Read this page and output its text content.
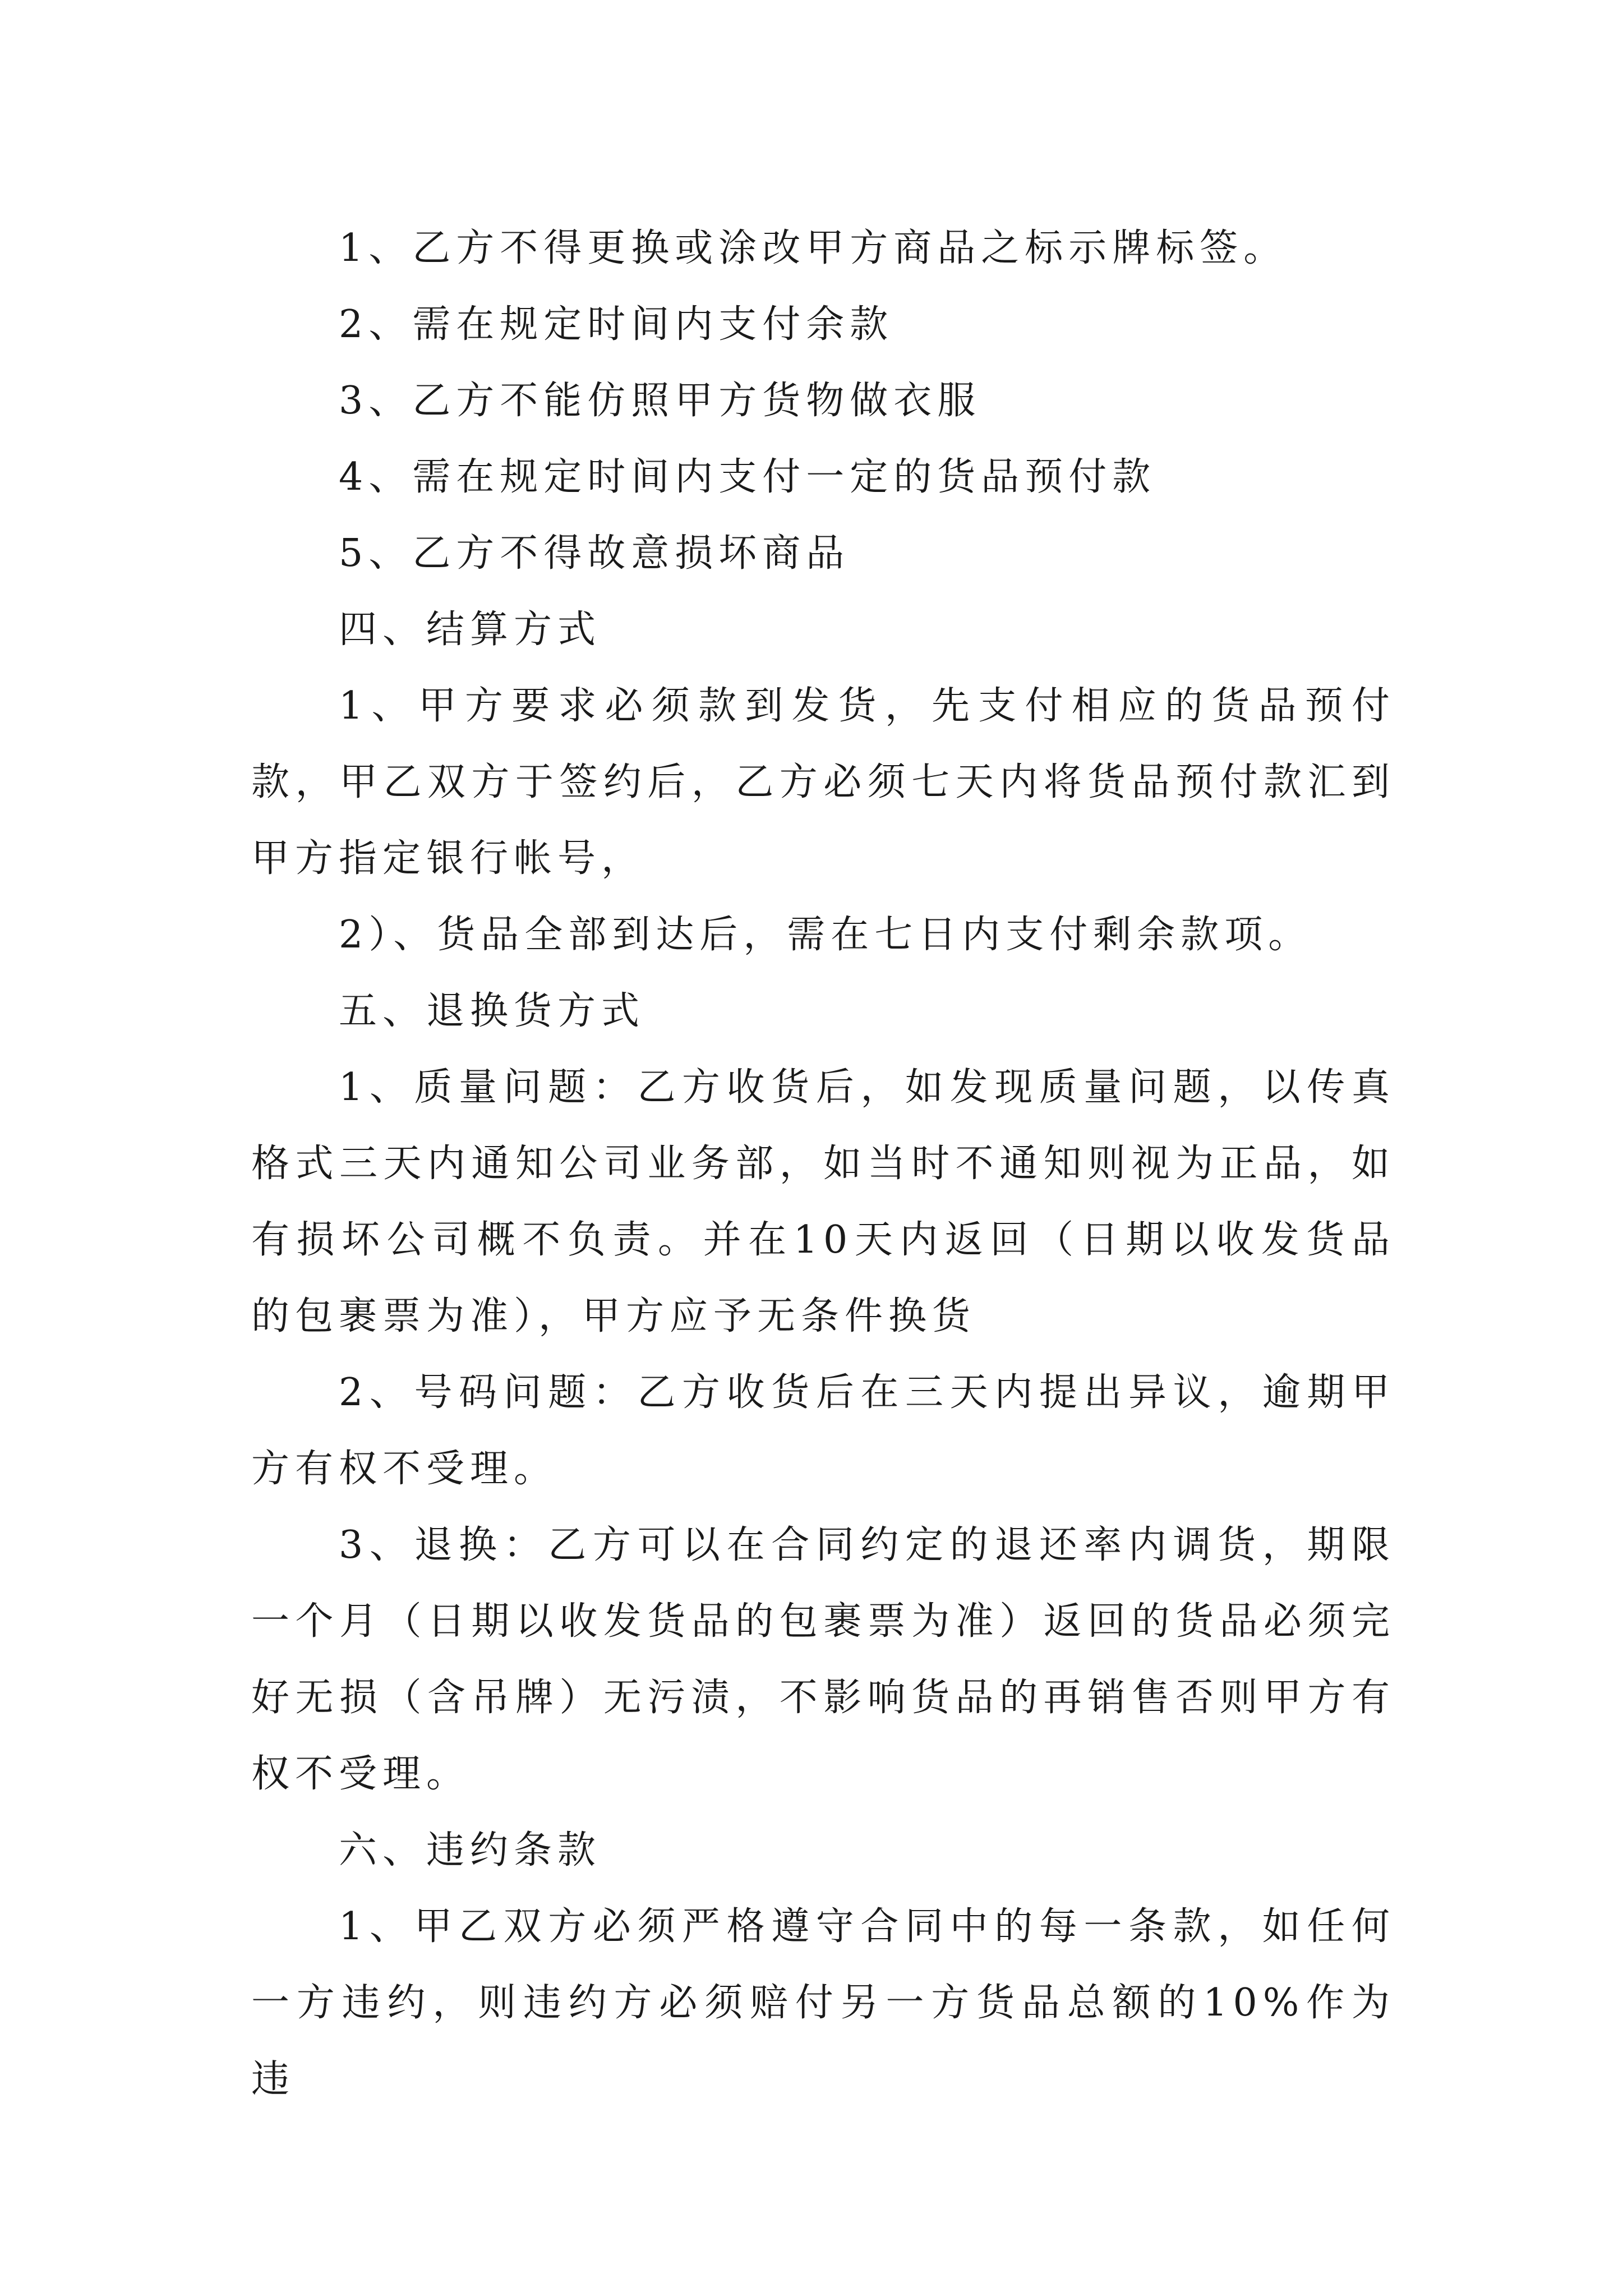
1、乙方不得更换或涂改甲方商品之标示牌标签。

2、需在规定时间内支付余款

3、乙方不能仿照甲方货物做衣服

4、需在规定时间内支付一定的货品预付款

5、乙方不得故意损坏商品

四、结算方式

1、甲方要求必须款到发货，先支付相应的货品预付款，甲乙双方于签约后，乙方必须七天内将货品预付款汇到甲方指定银行帐号，

2）、货品全部到达后，需在七日内支付剩余款项。

五、退换货方式

1、质量问题：乙方收货后，如发现质量问题，以传真格式三天内通知公司业务部，如当时不通知则视为正品，如有损坏公司概不负责。并在10天内返回（日期以收发货品的包裹票为准），甲方应予无条件换货

2、号码问题：乙方收货后在三天内提出异议，逾期甲方有权不受理。

3、退换：乙方可以在合同约定的退还率内调货，期限一个月（日期以收发货品的包裹票为准）返回的货品必须完好无损（含吊牌）无污渍，不影响货品的再销售否则甲方有权不受理。

六、违约条款

1、甲乙双方必须严格遵守合同中的每一条款，如任何一方违约，则违约方必须赔付另一方货品总额的10%作为违
